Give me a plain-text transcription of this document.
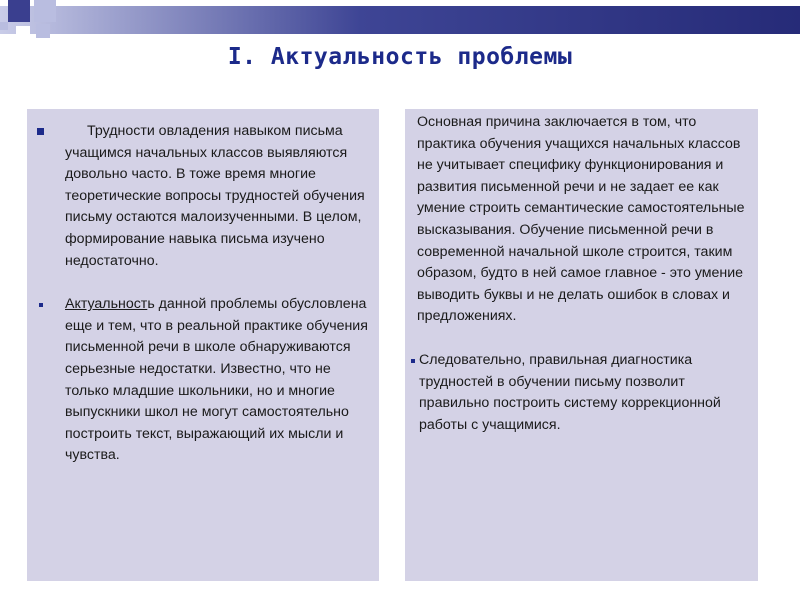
I. Актуальность проблемы

Трудности овладения навыком письма учащимся начальных классов выявляются довольно часто. В тоже время многие теоретические вопросы трудностей обучения письму остаются малоизученными. В целом, формирование навыка письма изучено недостаточно.

Актуальность данной проблемы обусловлена еще и тем, что в реальной практике обучения письменной речи в школе обнаруживаются серьезные недостатки. Известно, что не только младшие школьники, но и многие выпускники школ не могут самостоятельно построить текст, выражающий их мысли и чувства.

Основная причина заключается в том, что практика обучения учащихся начальных классов не учитывает специфику функционирования и развития письменной речи и не задает ее как умение строить семантические самостоятельные высказывания. Обучение письменной речи в современной начальной школе строится, таким образом, будто в ней самое главное - это умение выводить буквы и не делать ошибок в словах и предложениях.

Следовательно, правильная диагностика трудностей в обучении письму позволит правильно построить систему коррекционной работы с учащимися.
